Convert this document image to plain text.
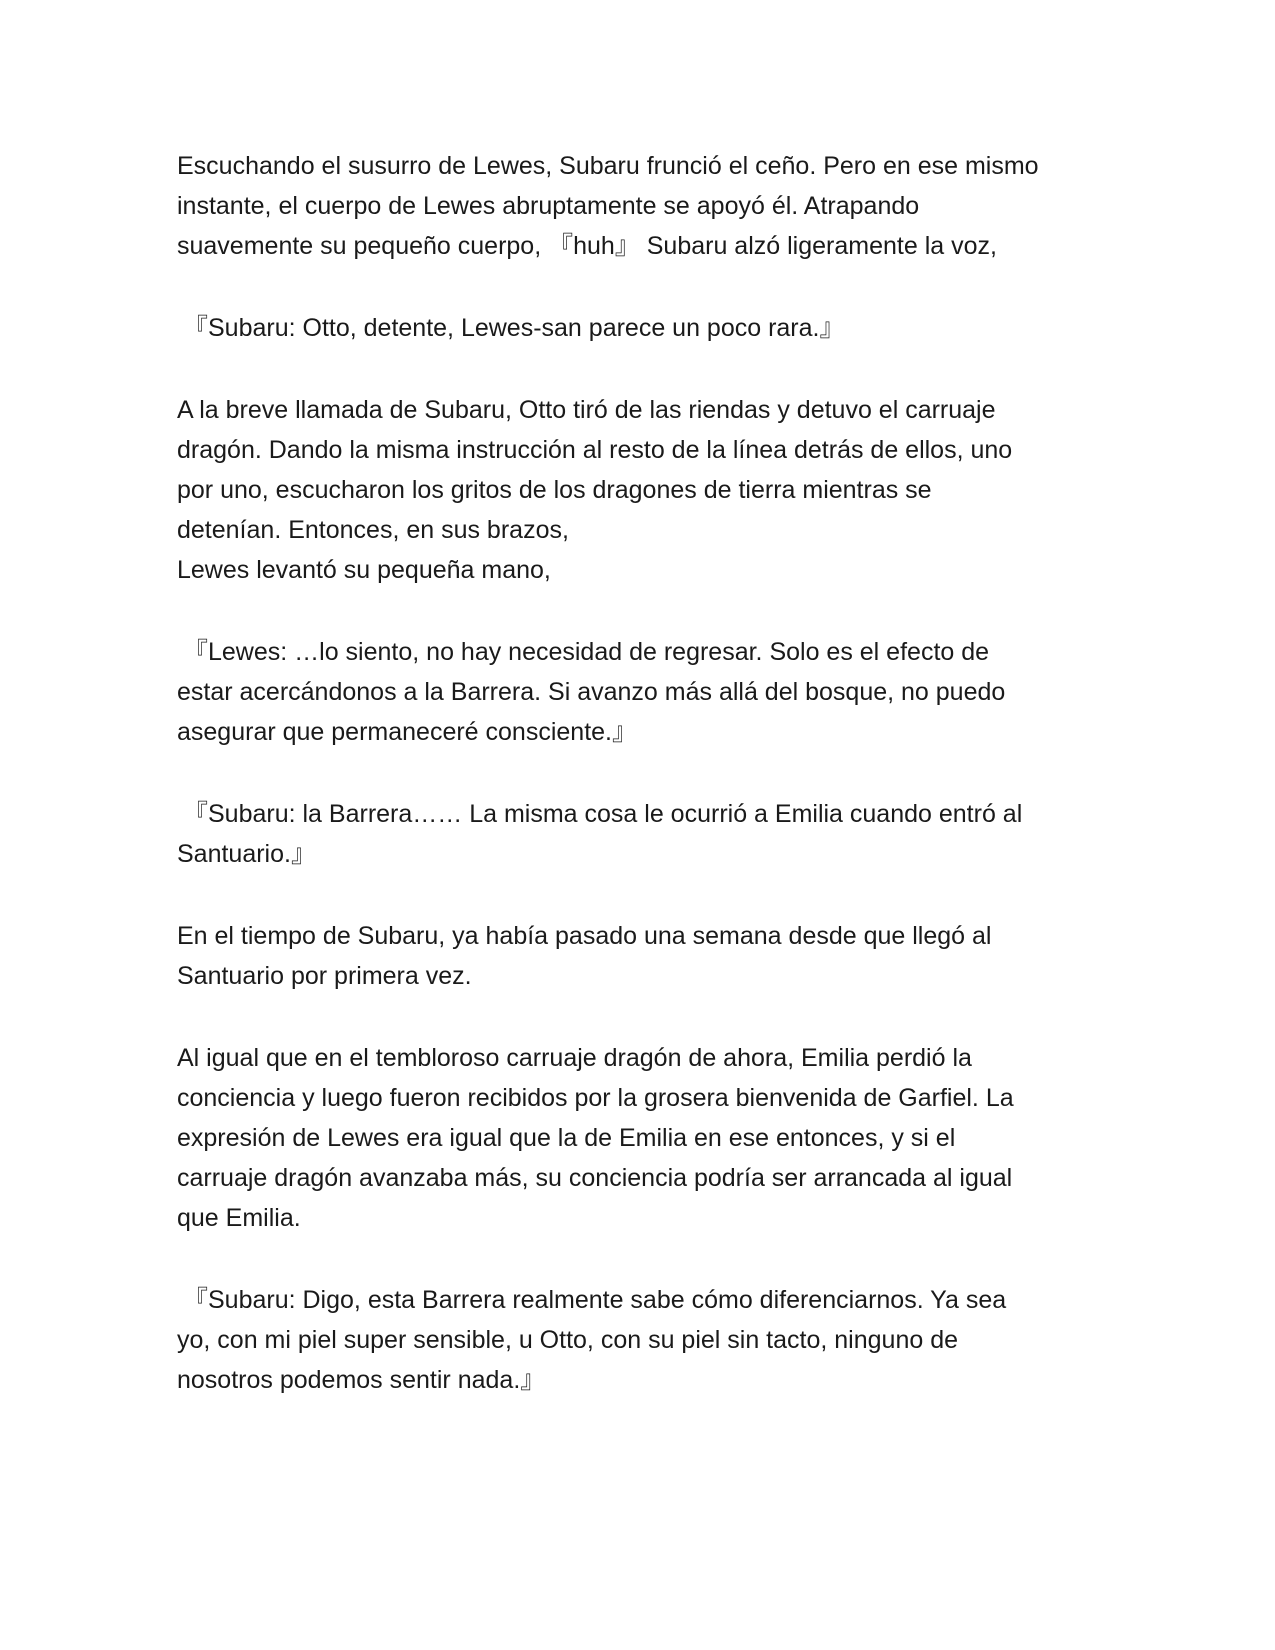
Escuchando el susurro de Lewes, Subaru frunció el ceño. Pero en ese mismo
instante, el cuerpo de Lewes abruptamente se apoyó él. Atrapando
suavemente su pequeño cuerpo, 『huh』 Subaru alzó ligeramente la voz,

『Subaru: Otto, detente, Lewes-san parece un poco rara.』

A la breve llamada de Subaru, Otto tiró de las riendas y detuvo el carruaje
dragón. Dando la misma instrucción al resto de la línea detrás de ellos, uno
por uno, escucharon los gritos de los dragones de tierra mientras se
detenían. Entonces, en sus brazos,
Lewes levantó su pequeña mano,

『Lewes: …lo siento, no hay necesidad de regresar. Solo es el efecto de
estar acercándonos a la Barrera. Si avanzo más allá del bosque, no puedo
asegurar que permaneceré consciente.』

『Subaru: la Barrera…… La misma cosa le ocurrió a Emilia cuando entró al
Santuario.』

En el tiempo de Subaru, ya había pasado una semana desde que llegó al
Santuario por primera vez.

Al igual que en el tembloroso carruaje dragón de ahora, Emilia perdió la
conciencia y luego fueron recibidos por la grosera bienvenida de Garfiel. La
expresión de Lewes era igual que la de Emilia en ese entonces, y si el
carruaje dragón avanzaba más, su conciencia podría ser arrancada al igual
que Emilia.

『Subaru: Digo, esta Barrera realmente sabe cómo diferenciarnos. Ya sea
yo, con mi piel super sensible, u Otto, con su piel sin tacto, ninguno de
nosotros podemos sentir nada.』
